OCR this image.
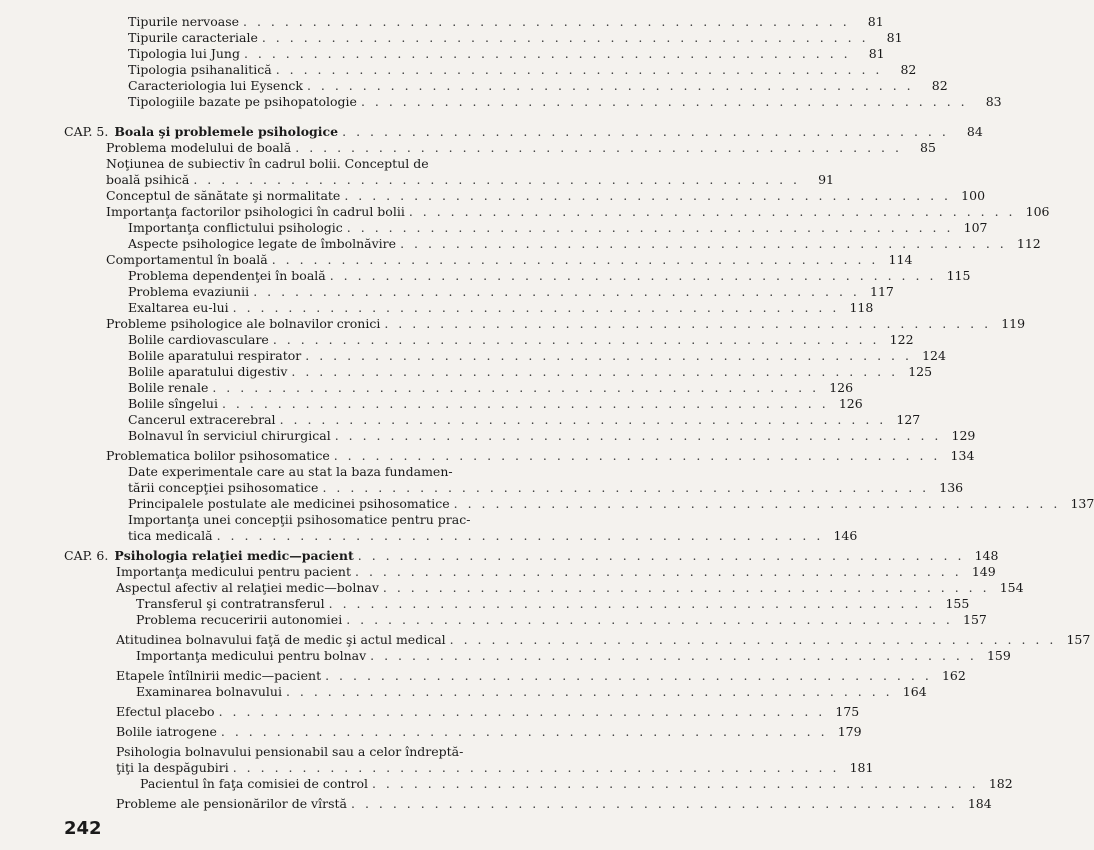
Tipurile nervoase . . . . . . . . . . . . . . . . . . . . . . . . . . . . . . . . . . . . . . . . . . . .	81
Tipurile caracteriale . . . . . . . . . . . . . . . . . . . . . . . . . . . . . . . . . . . . . . . . . . . .	81
Tipologia lui Jung . . . . . . . . . . . . . . . . . . . . . . . . . . . . . . . . . . . . . . . . . . . .	81
Tipologia psihanalitică . . . . . . . . . . . . . . . . . . . . . . . . . . . . . . . . . . . . . . . . . . . .	82
Caracteriologia lui Eysenck . . . . . . . . . . . . . . . . . . . . . . . . . . . . . . . . . . . . . . . . . . . .	82
Tipologiile bazate pe psihopatologie . . . . . . . . . . . . . . . . . . . . . . . . . . . . . . . . . . . . . . . . . . . .	83
CAP. 5. Boala şi problemele psihologice . . . . . . . . . . . . . . . . . . . . . . . . . . . . . . . . . . . . . . . . . . . .	84
Problema modelului de boală . . . . . . . . . . . . . . . . . . . . . . . . . . . . . . . . . . . . . . . . . . . .	85
Noţiunea de subiectiv în cadrul bolii. Conceptul de
boală psihică . . . . . . . . . . . . . . . . . . . . . . . . . . . . . . . . . . . . . . . . . . . .	91
Conceptul de sănătate şi normalitate . . . . . . . . . . . . . . . . . . . . . . . . . . . . . . . . . . . . . . . . . . . . 100
Importanţa factorilor psihologici în cadrul bolii . . . . . . . . . . . . . . . . . . . . . . . . . . . . . . . . . . . . . . . . . . . . 106
Importanţa conflictului psihologic . . . . . . . . . . . . . . . . . . . . . . . . . . . . . . . . . . . . . . . . . . . . 107
Aspecte psihologice legate de îmbolnăvire . . . . . . . . . . . . . . . . . . . . . . . . . . . . . . . . . . . . . . . . . . . . 112
Comportamentul în boală . . . . . . . . . . . . . . . . . . . . . . . . . . . . . . . . . . . . . . . . . . . . 114
Problema dependenţei în boală . . . . . . . . . . . . . . . . . . . . . . . . . . . . . . . . . . . . . . . . . . . . 115
Problema evaziunii . . . . . . . . . . . . . . . . . . . . . . . . . . . . . . . . . . . . . . . . . . . . 117
Exaltarea eu-lui . . . . . . . . . . . . . . . . . . . . . . . . . . . . . . . . . . . . . . . . . . . . 118
Probleme psihologice ale bolnavilor cronici . . . . . . . . . . . . . . . . . . . . . . . . . . . . . . . . . . . . . . . . . . . . 119
Bolile cardiovasculare . . . . . . . . . . . . . . . . . . . . . . . . . . . . . . . . . . . . . . . . . . . . 122
Bolile aparatului respirator . . . . . . . . . . . . . . . . . . . . . . . . . . . . . . . . . . . . . . . . . . . . 124
Bolile aparatului digestiv . . . . . . . . . . . . . . . . . . . . . . . . . . . . . . . . . . . . . . . . . . . . 125
Bolile renale . . . . . . . . . . . . . . . . . . . . . . . . . . . . . . . . . . . . . . . . . . . . 126
Bolile sîngelui . . . . . . . . . . . . . . . . . . . . . . . . . . . . . . . . . . . . . . . . . . . . 126
Cancerul extracerebral . . . . . . . . . . . . . . . . . . . . . . . . . . . . . . . . . . . . . . . . . . . . 127
Bolnavul în serviciul chirurgical . . . . . . . . . . . . . . . . . . . . . . . . . . . . . . . . . . . . . . . . . . . . 129
Problematica bolilor psihosomatice . . . . . . . . . . . . . . . . . . . . . . . . . . . . . . . . . . . . . . . . . . . . 134
Date experimentale care au stat la baza fundamen-
tării concepţiei psihosomatice . . . . . . . . . . . . . . . . . . . . . . . . . . . . . . . . . . . . . . . . . . . . 136
Principalele postulate ale medicinei psihosomatice . . . . . . . . . . . . . . . . . . . . . . . . . . . . . . . . . . . . . . . . . . . . 137
Importanţa unei concepţii psihosomatice pentru prac-
tica medicală . . . . . . . . . . . . . . . . . . . . . . . . . . . . . . . . . . . . . . . . . . . . 146
CAP. 6. Psihologia relaţiei medic—pacient . . . . . . . . . . . . . . . . . . . . . . . . . . . . . . . . . . . . . . . . . . . . 148
Importanţa medicului pentru pacient . . . . . . . . . . . . . . . . . . . . . . . . . . . . . . . . . . . . . . . . . . . . 149
Aspectul afectiv al relaţiei medic—bolnav . . . . . . . . . . . . . . . . . . . . . . . . . . . . . . . . . . . . . . . . . . . . 154
Transferul şi contratransferul . . . . . . . . . . . . . . . . . . . . . . . . . . . . . . . . . . . . . . . . . . . . 155
Problema recuceririi autonomiei . . . . . . . . . . . . . . . . . . . . . . . . . . . . . . . . . . . . . . . . . . . . 157
Atitudinea bolnavului faţă de medic şi actul medical . . . . . . . . . . . . . . . . . . . . . . . . . . . . . . . . . . . . . . . . . . . . 157
Importanţa medicului pentru bolnav . . . . . . . . . . . . . . . . . . . . . . . . . . . . . . . . . . . . . . . . . . . . 159
Etapele întîlnirii medic—pacient . . . . . . . . . . . . . . . . . . . . . . . . . . . . . . . . . . . . . . . . . . . . 162
Examinarea bolnavului . . . . . . . . . . . . . . . . . . . . . . . . . . . . . . . . . . . . . . . . . . . . 164
Efectul placebo . . . . . . . . . . . . . . . . . . . . . . . . . . . . . . . . . . . . . . . . . . . . 175
Bolile iatrogene . . . . . . . . . . . . . . . . . . . . . . . . . . . . . . . . . . . . . . . . . . . . 179
Psihologia bolnavului pensionabil sau a celor îndreptă-
ţiţi la despăgubiri . . . . . . . . . . . . . . . . . . . . . . . . . . . . . . . . . . . . . . . . . . . . 181
Pacientul în faţa comisiei de control . . . . . . . . . . . . . . . . . . . . . . . . . . . . . . . . . . . . . . . . . . . . 182
Probleme ale pensionărilor de vîrstă . . . . . . . . . . . . . . . . . . . . . . . . . . . . . . . . . . . . . . . . . . . . 184
242
